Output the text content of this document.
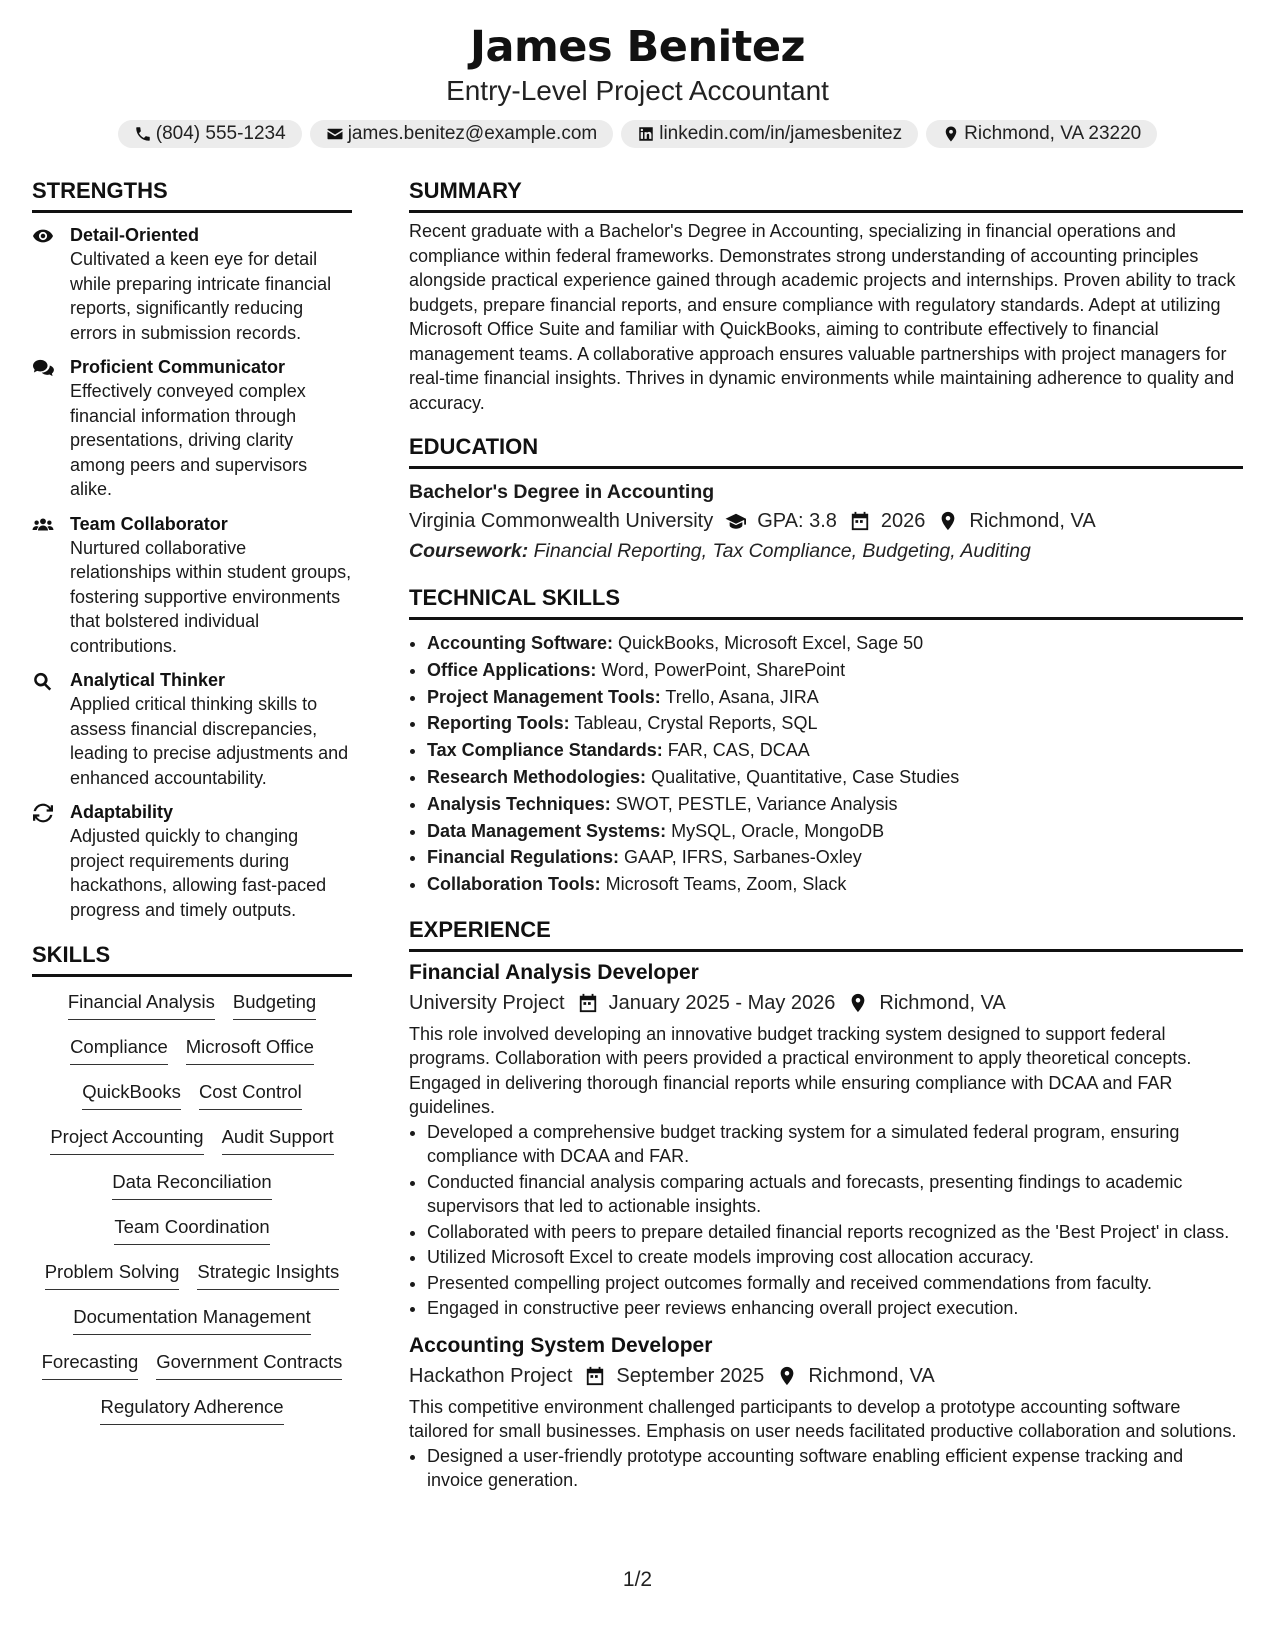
James Benitez
Entry-Level Project Accountant
(804) 555-1234	james.benitez@example.com	linkedin.com/in/jamesbenitez	Richmond, VA 23220
STRENGTHS
Detail-Oriented
Cultivated a keen eye for detail while preparing intricate financial reports, significantly reducing errors in submission records.
Proficient Communicator
Effectively conveyed complex financial information through presentations, driving clarity among peers and supervisors alike.
Team Collaborator
Nurtured collaborative relationships within student groups, fostering supportive environments that bolstered individual contributions.
Analytical Thinker
Applied critical thinking skills to assess financial discrepancies, leading to precise adjustments and enhanced accountability.
Adaptability
Adjusted quickly to changing project requirements during hackathons, allowing fast-paced progress and timely outputs.
SKILLS
Financial Analysis Budgeting
Compliance Microsoft Office
QuickBooks Cost Control
Project Accounting Audit Support
Data Reconciliation
Team Coordination
Problem Solving Strategic Insights
Documentation Management
Forecasting Government Contracts
Regulatory Adherence
SUMMARY
Recent graduate with a Bachelor's Degree in Accounting, specializing in financial operations and compliance within federal frameworks. Demonstrates strong understanding of accounting principles alongside practical experience gained through academic projects and internships. Proven ability to track budgets, prepare financial reports, and ensure compliance with regulatory standards. Adept at utilizing Microsoft Office Suite and familiar with QuickBooks, aiming to contribute effectively to financial management teams. A collaborative approach ensures valuable partnerships with project managers for real-time financial insights. Thrives in dynamic environments while maintaining adherence to quality and accuracy.
EDUCATION
Bachelor's Degree in Accounting
Virginia Commonwealth University GPA: 3.8 2026 Richmond, VA
Coursework: Financial Reporting, Tax Compliance, Budgeting, Auditing
TECHNICAL SKILLS
• Accounting Software: QuickBooks, Microsoft Excel, Sage 50
• Office Applications: Word, PowerPoint, SharePoint
• Project Management Tools: Trello, Asana, JIRA
• Reporting Tools: Tableau, Crystal Reports, SQL
• Tax Compliance Standards: FAR, CAS, DCAA
• Research Methodologies: Qualitative, Quantitative, Case Studies
• Analysis Techniques: SWOT, PESTLE, Variance Analysis
• Data Management Systems: MySQL, Oracle, MongoDB
• Financial Regulations: GAAP, IFRS, Sarbanes-Oxley
• Collaboration Tools: Microsoft Teams, Zoom, Slack
EXPERIENCE
Financial Analysis Developer
University Project January 2025 - May 2026 Richmond, VA
This role involved developing an innovative budget tracking system designed to support federal programs. Collaboration with peers provided a practical environment to apply theoretical concepts. Engaged in delivering thorough financial reports while ensuring compliance with DCAA and FAR guidelines.
• Developed a comprehensive budget tracking system for a simulated federal program, ensuring compliance with DCAA and FAR.
• Conducted financial analysis comparing actuals and forecasts, presenting findings to academic supervisors that led to actionable insights.
• Collaborated with peers to prepare detailed financial reports recognized as the 'Best Project' in class.
• Utilized Microsoft Excel to create models improving cost allocation accuracy.
• Presented compelling project outcomes formally and received commendations from faculty.
• Engaged in constructive peer reviews enhancing overall project execution.
Accounting System Developer
Hackathon Project September 2025 Richmond, VA
This competitive environment challenged participants to develop a prototype accounting software tailored for small businesses. Emphasis on user needs facilitated productive collaboration and solutions.
• Designed a user-friendly prototype accounting software enabling efficient expense tracking and invoice generation.
1/2
